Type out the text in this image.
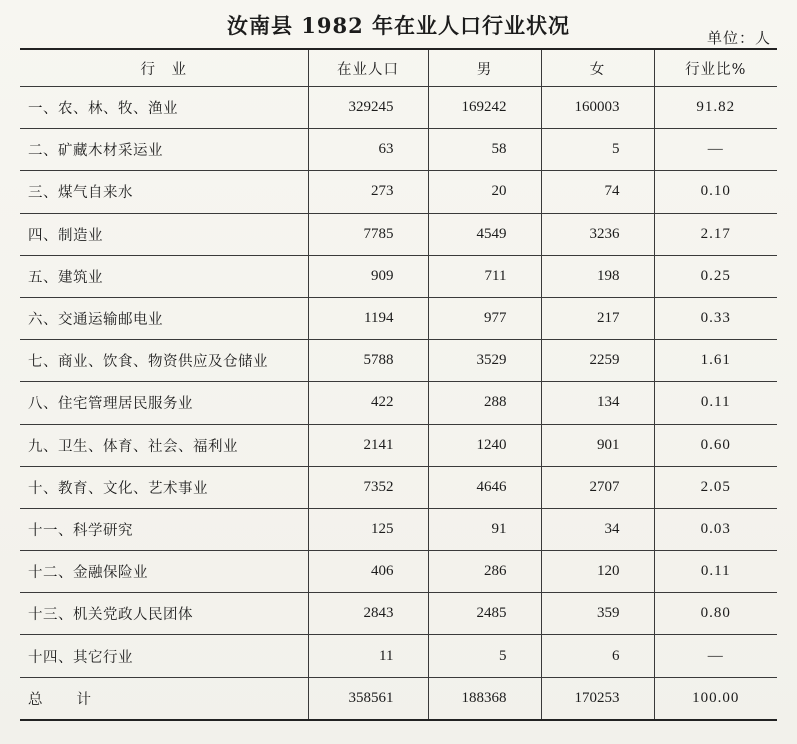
汝南县 1982 年在业人口行业状况	单位：人
行　业	在业人口	男	女	行业比%
一、农、林、牧、渔业	329245	169242	160003	91.82
二、矿藏木材采运业	63	58	5	—
三、煤气自来水	273	20	74	0.10
四、制造业	7785	4549	3236	2.17
五、建筑业	909	711	198	0.25
六、交通运输邮电业	1194	977	217	0.33
七、商业、饮食、物资供应及仓储业	5788	3529	2259	1.61
八、住宅管理居民服务业	422	288	134	0.11
九、卫生、体育、社会、福利业	2141	1240	901	0.60
十、教育、文化、艺术事业	7352	4646	2707	2.05
十一、科学研究	125	91	34	0.03
十二、金融保险业	406	286	120	0.11
十三、机关党政人民团体	2843	2485	359	0.80
十四、其它行业	11	5	6	—
总计	358561	188368	170253	100.00
